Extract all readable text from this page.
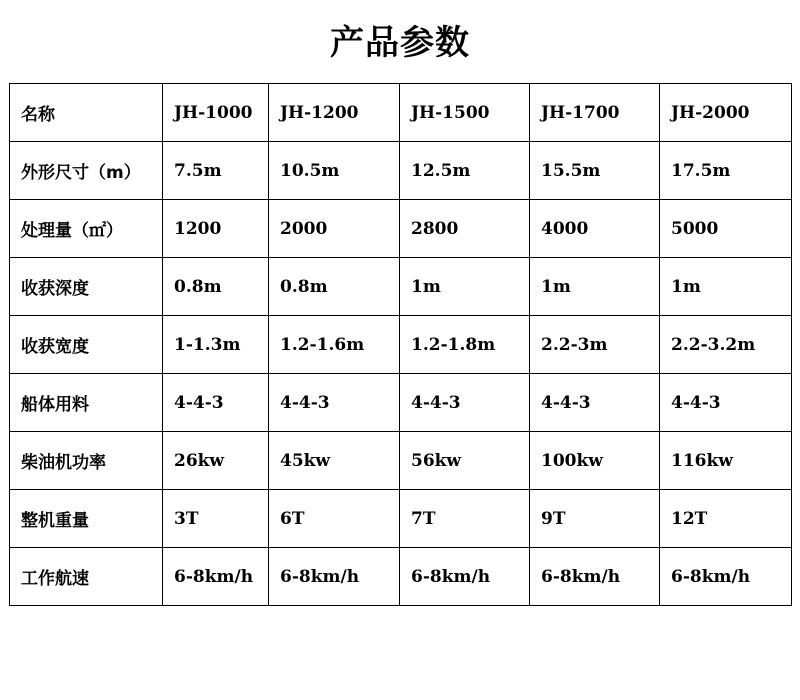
产品参数
名称	JH-1000	JH-1200	JH-1500	JH-1700	JH-2000
外形尺寸（m）	7.5m	10.5m	12.5m	15.5m	17.5m
处理量（㎡）	1200	2000	2800	4000	5000
收获深度	0.8m	0.8m	1m	1m	1m
收获宽度	1-1.3m	1.2-1.6m	1.2-1.8m	2.2-3m	2.2-3.2m
船体用料	4-4-3	4-4-3	4-4-3	4-4-3	4-4-3
柴油机功率	26kw	45kw	56kw	100kw	116kw
整机重量	3T	6T	7T	9T	12T
工作航速	6-8km/h	6-8km/h	6-8km/h	6-8km/h	6-8km/h
